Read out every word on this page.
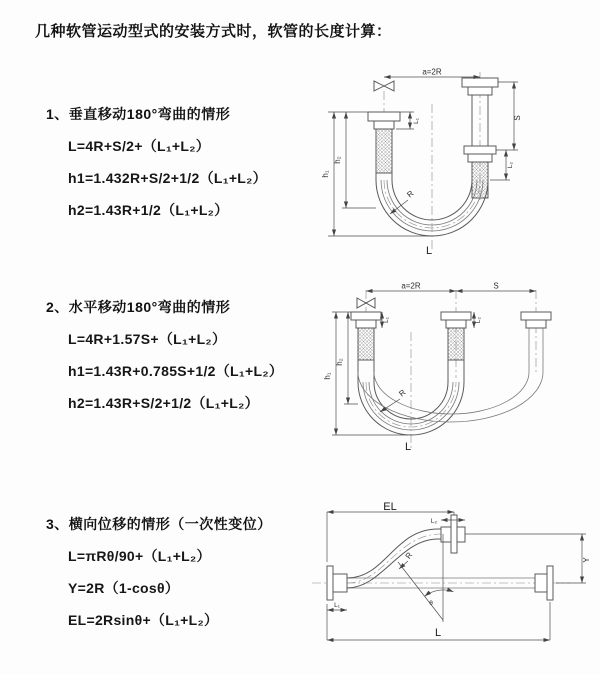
几种软管运动型式的安装方式时，软管的长度计算：
1、垂直移动180°弯曲的情形
L=4R+S/2+（L₁+L₂）
h1=1.432R+S/2+1/2（L₁+L₂）
h2=1.43R+1/2（L₁+L₂）
a=2R
L₁
S
L₂
h₁
h₂
R
L
2、水平移动180°弯曲的情形
L=4R+1.57S+（L₁+L₂）
h1=1.43R+0.785S+1/2（L₁+L₂）
h2=1.43R+S/2+1/2（L₁+L₂）
a=2R	S
L₁	L₂
h₁
h₂
R
L
3、横向位移的情形（一次性变位）
L=πRθ/90+（L₁+L₂）
Y=2R（1-cosθ）
EL=2Rsinθ+（L₁+L₂）
θ
R
EL
L₂
Y
L₁
L
